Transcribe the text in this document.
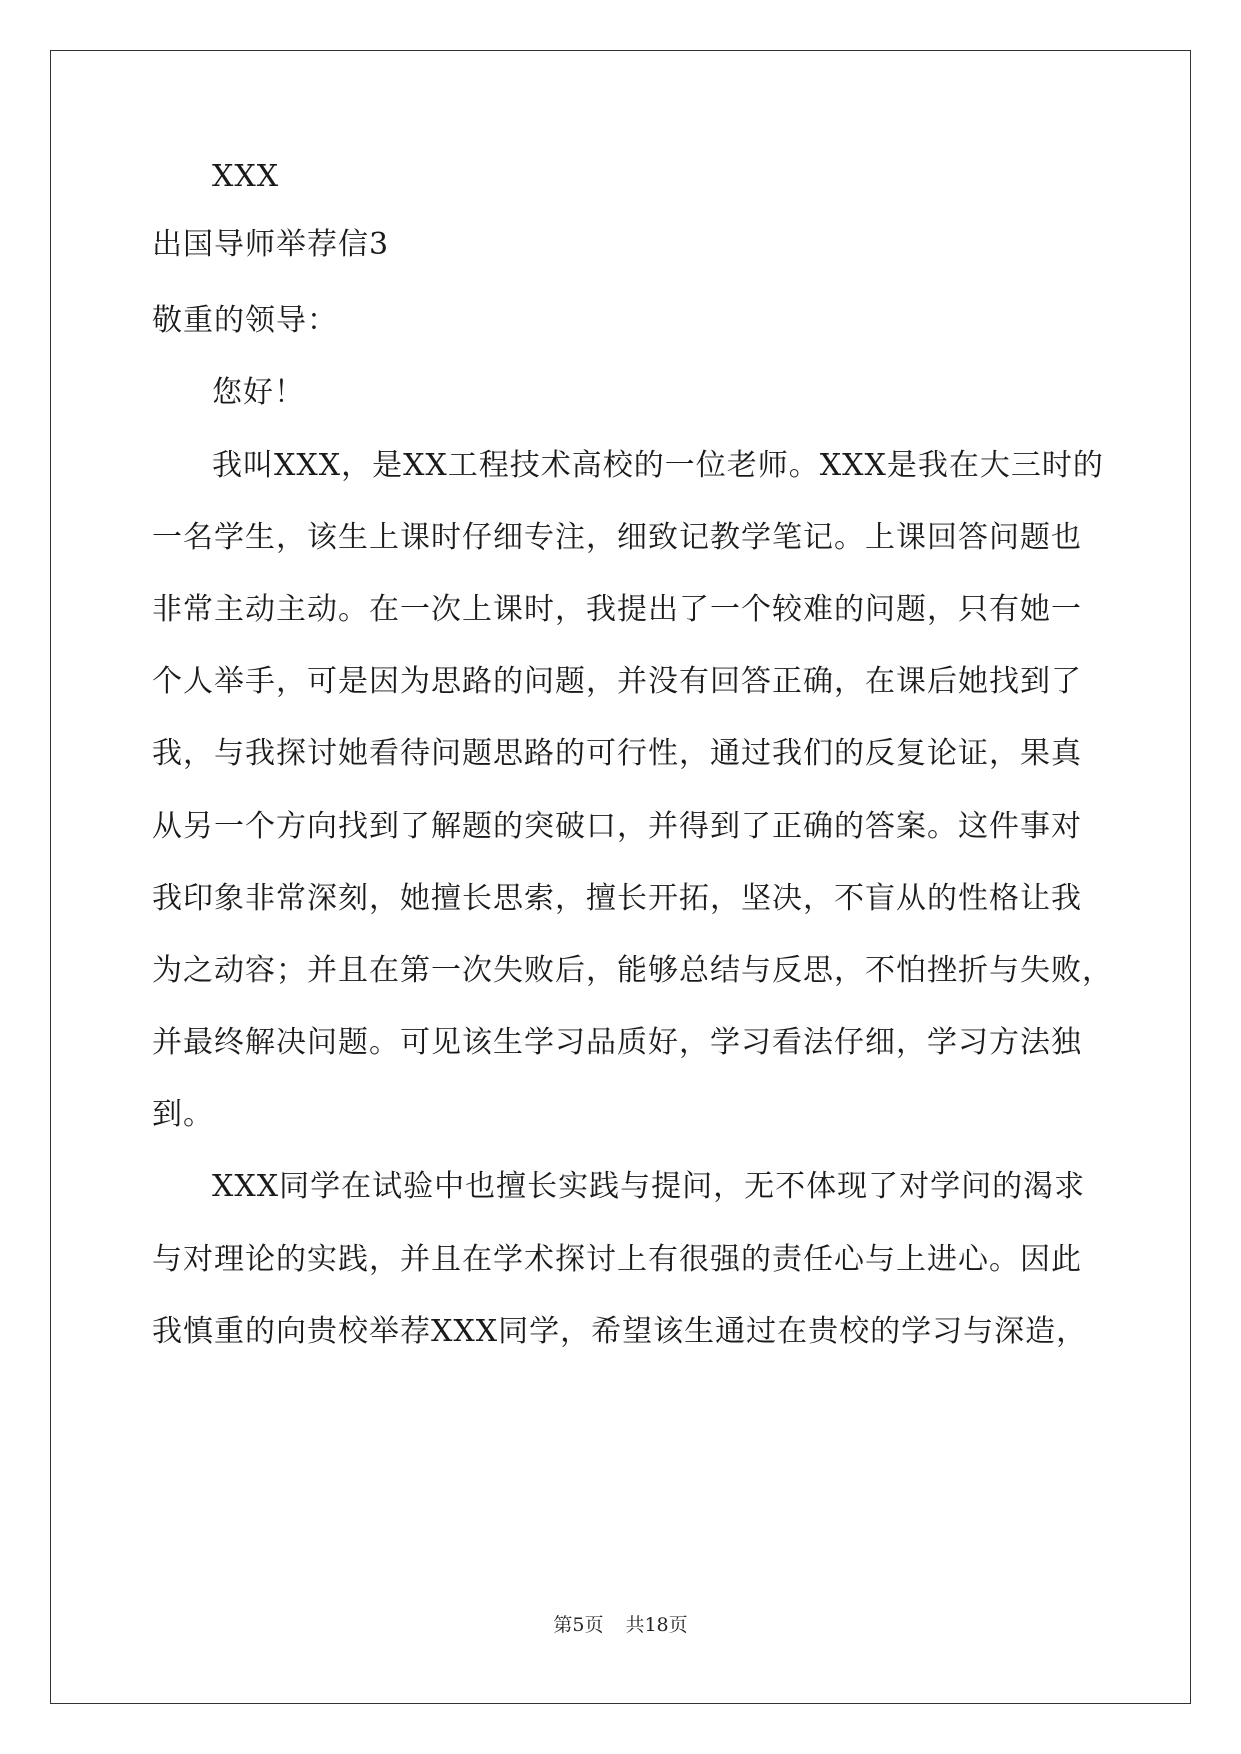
XXX
出国导师举荐信3
敬重的领导：
您好！
我叫XXX，是XX工程技术高校的一位老师。XXX是我在大三时的
一名学生，该生上课时仔细专注，细致记教学笔记。上课回答问题也
非常主动主动。在一次上课时，我提出了一个较难的问题，只有她一
个人举手，可是因为思路的问题，并没有回答正确，在课后她找到了
我，与我探讨她看待问题思路的可行性，通过我们的反复论证，果真
从另一个方向找到了解题的突破口，并得到了正确的答案。这件事对
我印象非常深刻，她擅长思索，擅长开拓，坚决，不盲从的性格让我
为之动容；并且在第一次失败后，能够总结与反思，不怕挫折与失败，
并最终解决问题。可见该生学习品质好，学习看法仔细，学习方法独
到。
XXX同学在试验中也擅长实践与提问，无不体现了对学问的渴求
与对理论的实践，并且在学术探讨上有很强的责任心与上进心。因此
我慎重的向贵校举荐XXX同学，希望该生通过在贵校的学习与深造，
第5页 共18页
